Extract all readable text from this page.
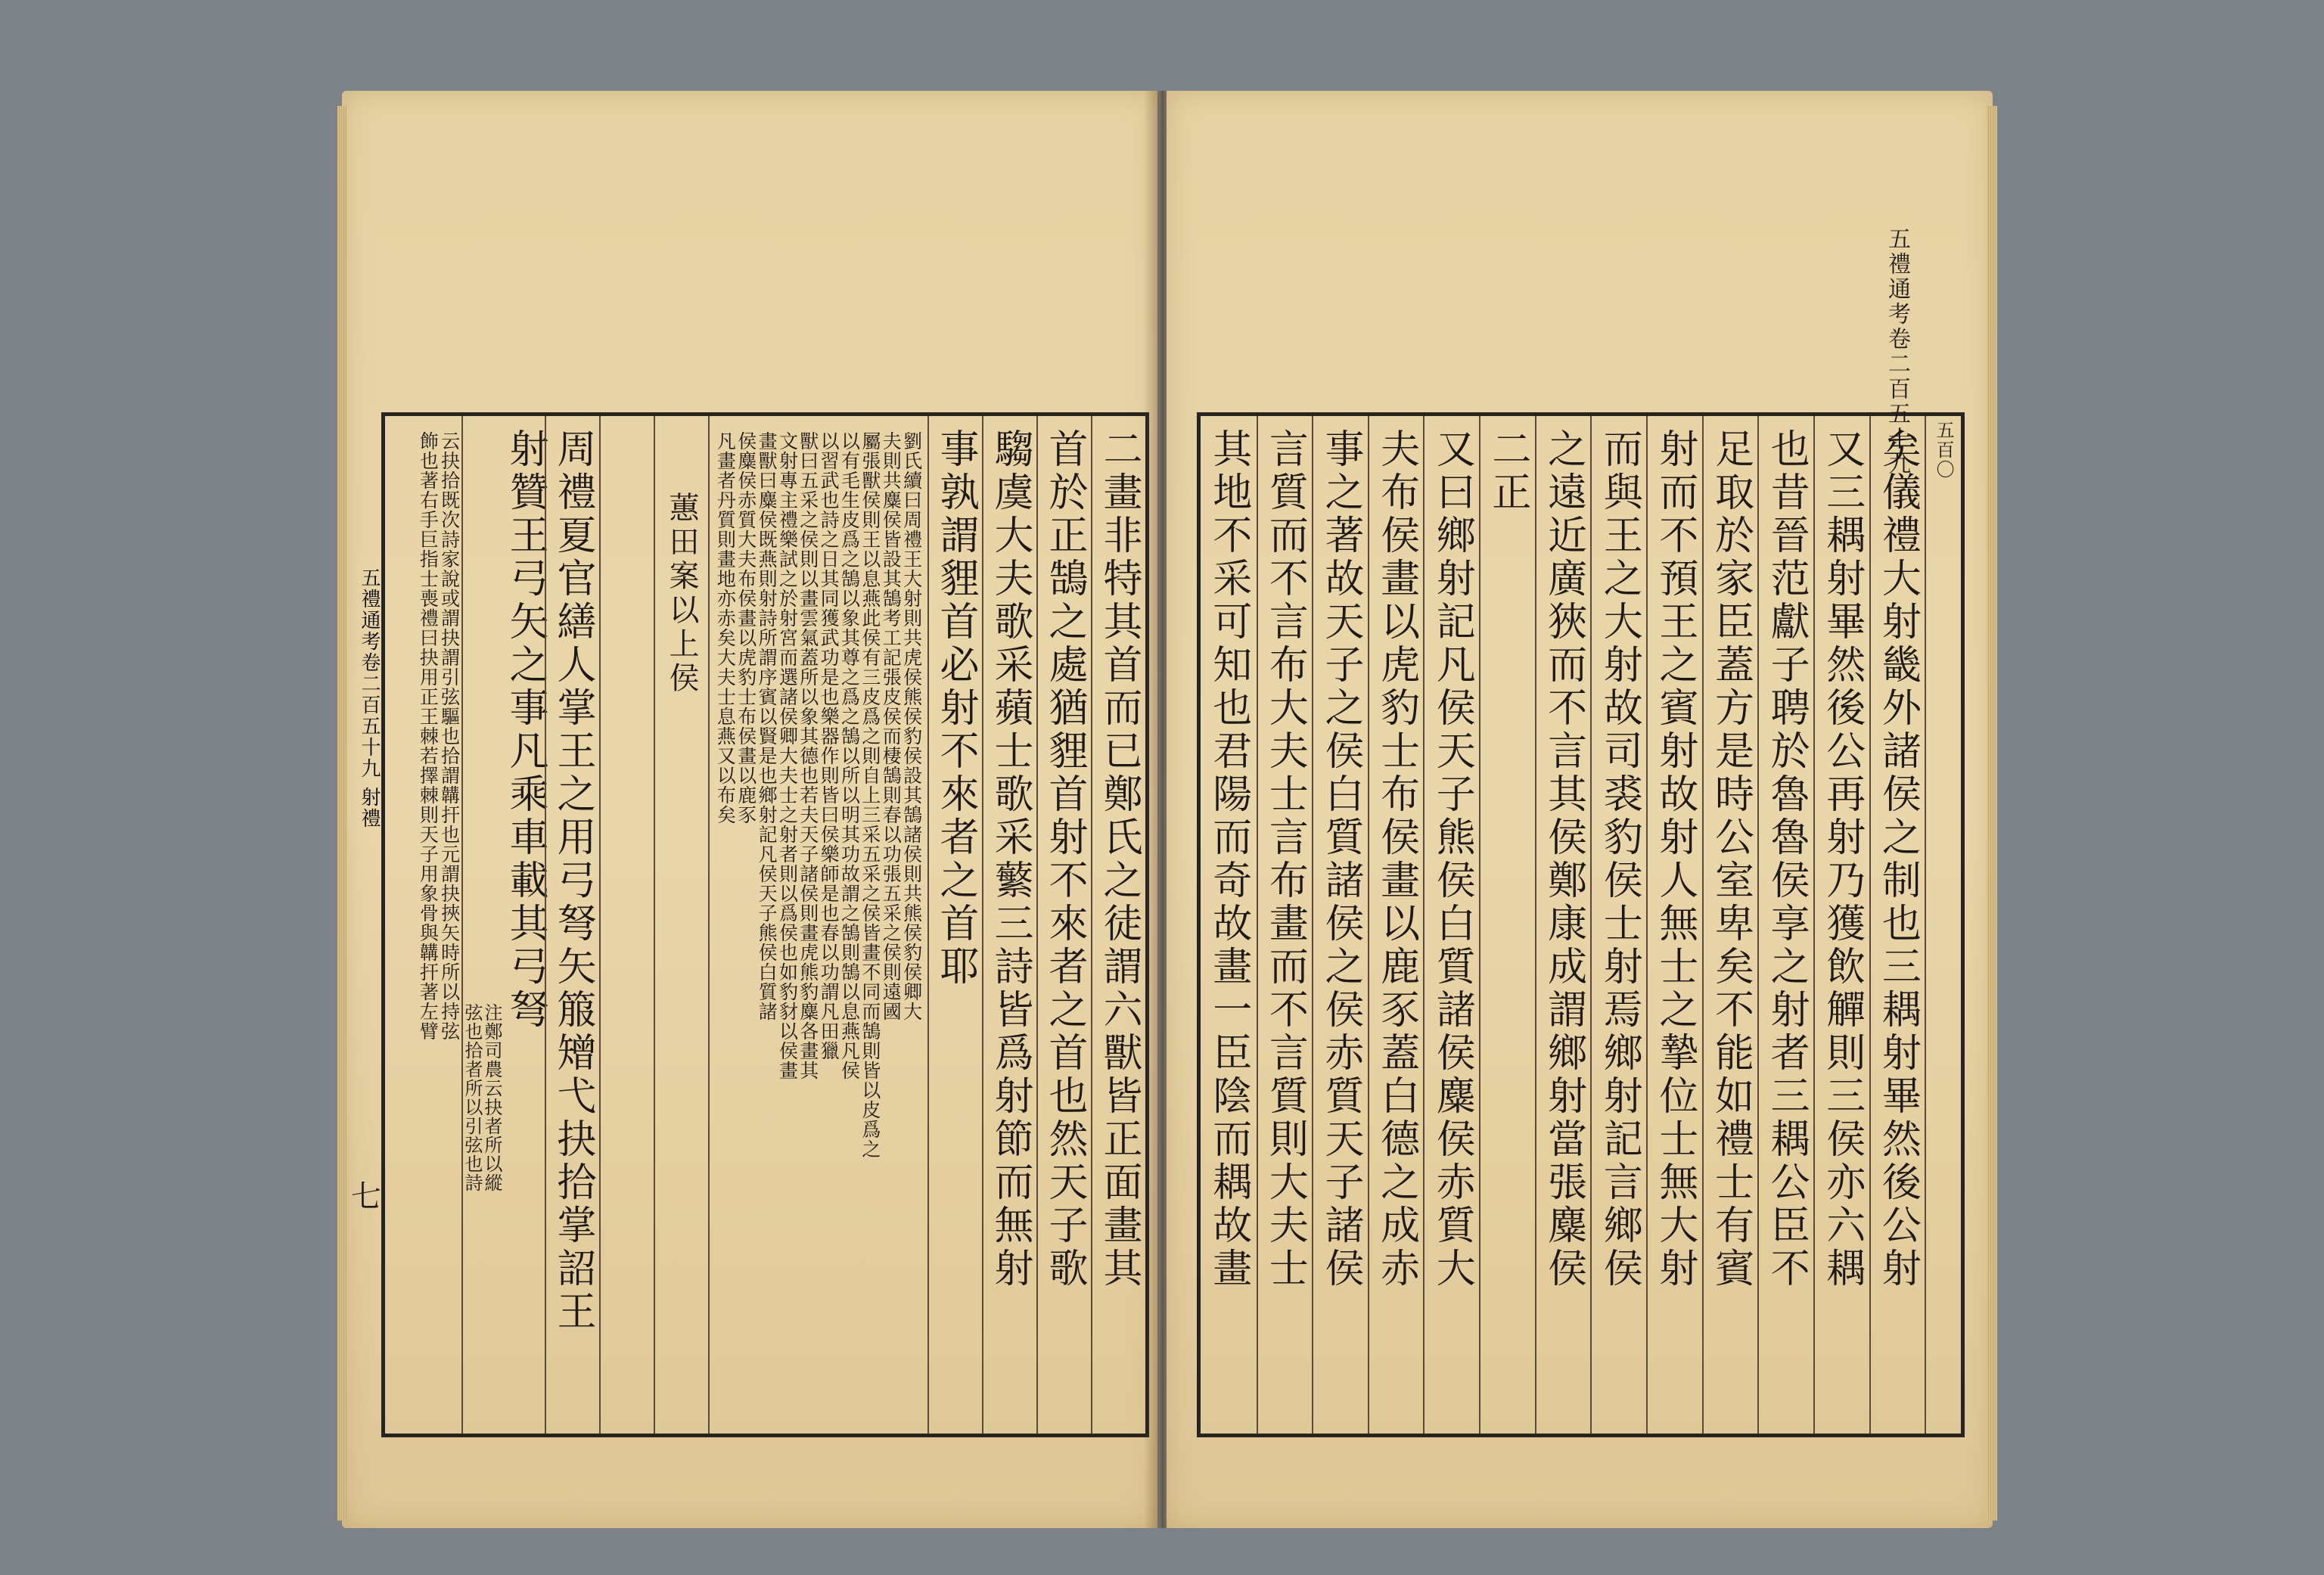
二畫非特其首而已鄭氏之徒謂六獸皆正面畫其
首於正鵠之處猶貍首射不來者之首也然天子歌
騶虞大夫歌采蘋士歌采蘩三詩皆爲射節而無射
事孰謂貍首必射不來者之首耶
劉氏續曰周禮王大射則共虎侯熊侯豹侯設其鵠諸侯則共熊侯豹侯卿大
夫則共麋侯皆設其鵠考工記張皮侯而棲鵠則春以功張五采之侯則遠國
屬張獸侯則王以息燕此侯有三皮爲之則自上三采五采之侯皆畫不同而鵠則皆以皮爲之
以有毛生皮爲之鵠以象其尊之爲之鵠以所以明其功故謂之鵠則鵠以息燕凡侯
以習武也詩之日其同獲武功是也樂器作則皆曰侯樂師是也春以功謂凡田獵
獸曰五采之侯則以畫雲氣蓋所以象其德也若夫天子諸侯則畫虎熊豹麋各畫其
文射專主禮樂試之於射宮而選諸侯卿大夫士之射者則以爲侯也如豹豺以侯畫
畫獸曰麋侯既燕則射詩所謂序賓以賢是也鄉射記凡侯天子熊侯白質諸
侯麋侯赤質大夫布侯畫以虎豹士布侯畫以鹿豕
凡畫者丹質則畫地亦赤矣大夫士息燕又以布矣
蕙田案以上侯
周禮夏官繕人掌王之用弓弩矢箙矰弋抉拾掌詔王
射贊王弓矢之事凡乘車載其弓弩
注鄭司農云抉者所以縱
弦也拾者所以引弦也詩
云抉拾既次詩家說或謂抉謂引弦驅也拾謂韝扞也元謂抉挾矢時所以持弦
飾也著右手巨指士喪禮曰抉用正王棘若擇棘則天子用象骨與韝扞著左臂
五禮通考卷二百五十九 射禮
七
五百〇
矣儀禮大射畿外諸侯之制也三耦射畢然後公射
又三耦射畢然後公再射乃獲飲觶則三侯亦六耦
也昔晉范獻子聘於魯魯侯享之射者三耦公臣不
足取於家臣蓋方是時公室卑矣不能如禮士有賓
射而不預王之賓射故射人無士之摯位士無大射
而與王之大射故司裘豹侯士射焉鄉射記言鄉侯
之遠近廣狹而不言其侯鄭康成謂鄉射當張麋侯
二正
又曰鄉射記凡侯天子熊侯白質諸侯麋侯赤質大
夫布侯畫以虎豹士布侯畫以鹿豕蓋白德之成赤
事之著故天子之侯白質諸侯之侯赤質天子諸侯
言質而不言布大夫士言布畫而不言質則大夫士
其地不采可知也君陽而奇故畫一臣陰而耦故畫
五禮通考卷二百五十九
